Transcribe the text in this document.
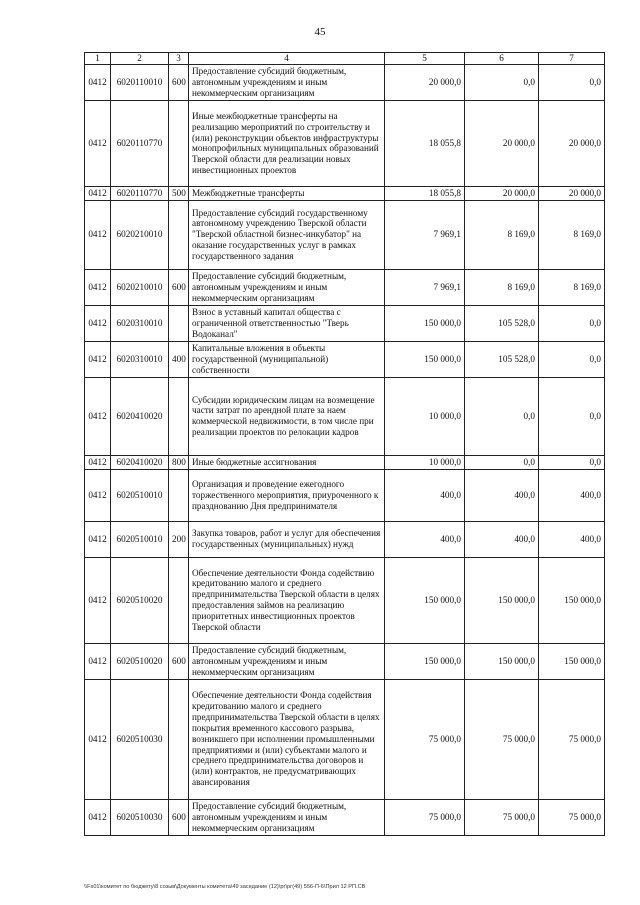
45
1	2	3	4	5	6	7
0412	6020110010	600	Предоставление субсидий бюджетным, автономным учреждениям и иным некоммерческим организациям	20 000,0	0,0	0,0
0412	6020110770		Иные межбюджетные трансферты на реализацию мероприятий по строительству и (или) реконструкции объектов инфраструктуры монопрофильных муниципальных образований Тверской области для реализации новых инвестиционных проектов	18 055,8	20 000,0	20 000,0
0412	6020110770	500	Межбюджетные трансферты	18 055,8	20 000,0	20 000,0
0412	6020210010		Предоставление субсидий государственному автономному учреждению Тверской области "Тверской областной бизнес-инкубатор" на оказание государственных услуг в рамках государственного задания	7 969,1	8 169,0	8 169,0
0412	6020210010	600	Предоставление субсидий бюджетным, автономным учреждениям и иным некоммерческим организациям	7 969,1	8 169,0	8 169,0
0412	6020310010		Взнос в уставный капитал общества с ограниченной ответственностью "Тверь Водоканал"	150 000,0	105 528,0	0,0
0412	6020310010	400	Капитальные вложения в объекты государственной (муниципальной) собственности	150 000,0	105 528,0	0,0
0412	6020410020		Субсидии юридическим лицам на возмещение части затрат по арендной плате за наем коммерческой недвижимости, в том числе при реализации проектов по релокации кадров	10 000,0	0,0	0,0
0412	6020410020	800	Иные бюджетные ассигнования	10 000,0	0,0	0,0
0412	6020510010		Организация и проведение ежегодного торжественного мероприятия, приуроченного к празднованию Дня предпринимателя	400,0	400,0	400,0
0412	6020510010	200	Закупка товаров, работ и услуг для обеспечения государственных (муниципальных) нужд	400,0	400,0	400,0
0412	6020510020		Обеспечение деятельности Фонда содействию кредитованию малого и среднего предпринимательства Тверской области в целях предоставления займов на реализацию приоритетных инвестиционных проектов Тверской области	150 000,0	150 000,0	150 000,0
0412	6020510020	600	Предоставление субсидий бюджетным, автономным учреждениям и иным некоммерческим организациям	150 000,0	150 000,0	150 000,0
0412	6020510030		Обеспечение деятельности Фонда содействия кредитованию малого и среднего предпринимательства Тверской области в целях покрытия временного кассового разрыва, возникшего при исполнении промышленными предприятиями и (или) субъектами малого и среднего предпринимательства договоров и (или) контрактов, не предусматривающих авансирования	75 000,0	75 000,0	75 000,0
0412	6020510030	600	Предоставление субсидий бюджетным, автономным учреждениям и иным некоммерческим организациям	75 000,0	75 000,0	75 000,0
\\Fs01\комитет по бюджету\8 созыв\Документы комитета\49 заседание (12)\рг\рг(49) 556-П-6\Прил 12 РП.СВ
